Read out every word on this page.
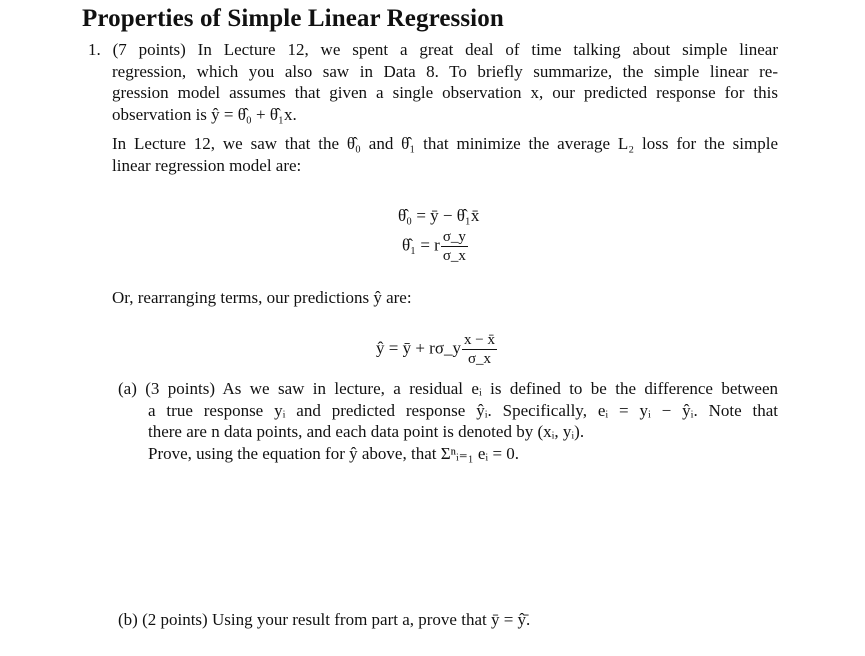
Properties of Simple Linear Regression
1. (7 points) In Lecture 12, we spent a great deal of time talking about simple linear
regression, which you also saw in Data 8. To briefly summarize, the simple linear re-
gression model assumes that given a single observation x, our predicted response for this
observation is ŷ = θ̂₀ + θ̂₁x.
In Lecture 12, we saw that the θ̂₀ and θ̂₁ that minimize the average L₂ loss for the simple
linear regression model are:
θ̂₀ = ȳ − θ̂₁x̄
θ̂₁ = r $\frac{\sigma\_y}{\sigma\_x}$
Or, rearranging terms, our predictions ŷ are:
ŷ = ȳ + rσ_y $\frac{x - x̄}{\sigma\_x}$
(a) (3 points) As we saw in lecture, a residual eᵢ is defined to be the difference between
a true response yᵢ and predicted response ŷᵢ. Specifically, eᵢ = yᵢ − ŷᵢ. Note that
there are n data points, and each data point is denoted by (xᵢ, yᵢ).
Prove, using the equation for ŷ above, that Σⁿᵢ₌₁ eᵢ = 0.
(b) (2 points) Using your result from part a, prove that ȳ = ŷ̄.
